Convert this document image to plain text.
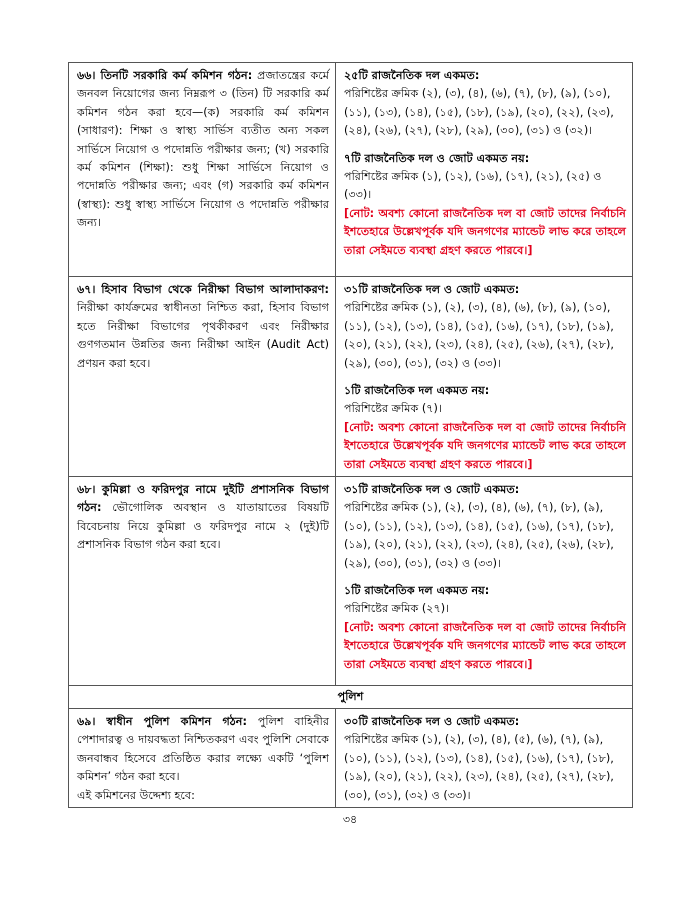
৬৬। তিনটি সরকারি কর্ম কমিশন গঠন: প্রজাতন্ত্রের কর্মে জনবল নিয়োগের জন্য নিম্নরূপ ৩ (তিন) টি সরকারি কর্ম কমিশন গঠন করা হবে—(ক) সরকারি কর্ম কমিশন (সাধারণ): শিক্ষা ও স্বাস্থ্য সার্ভিস ব্যতীত অন্য সকল সার্ভিসে নিয়োগ ও পদোন্নতি পরীক্ষার জন্য; (খ) সরকারি কর্ম কমিশন (শিক্ষা): শুধু শিক্ষা সার্ভিসে নিয়োগ ও পদোন্নতি পরীক্ষার জন্য; এবং (গ) সরকারি কর্ম কমিশন (স্বাস্থ্য): শুধু স্বাস্থ্য সার্ভিসে নিয়োগ ও পদোন্নতি পরীক্ষার জন্য।

২৫টি রাজনৈতিক দল একমত:

পরিশিষ্টের ক্রমিক (২), (৩), (৪), (৬), (৭), (৮), (৯), (১০), (১১), (১৩), (১৪), (১৫), (১৮), (১৯), (২০), (২২), (২৩), (২৪), (২৬), (২৭), (২৮), (২৯), (৩০), (৩১) ও (৩২)।

৭টি রাজনৈতিক দল ও জোট একমত নয়:

পরিশিষ্টের ক্রমিক (১), (১২), (১৬), (১৭), (২১), (২৫) ও (৩৩)।

[নোট: অবশ্য কোনো রাজনৈতিক দল বা জোট তাদের নির্বাচনি ইশতেহারে উল্লেখপূর্বক যদি জনগণের ম্যান্ডেট লাভ করে তাহলে তারা সেইমতে ব্যবস্থা গ্রহণ করতে পারবে।]

৬৭। হিসাব বিভাগ থেকে নিরীক্ষা বিভাগ আলাদাকরণ: নিরীক্ষা কার্যক্রমের স্বাধীনতা নিশ্চিত করা, হিসাব বিভাগ হতে নিরীক্ষা বিভাগের পৃথকীকরণ এবং নিরীক্ষার গুণগতমান উন্নতির জন্য নিরীক্ষা আইন (Audit Act) প্রণয়ন করা হবে।

৩১টি রাজনৈতিক দল ও জোট একমত:

পরিশিষ্টের ক্রমিক (১), (২), (৩), (৪), (৬), (৮), (৯), (১০), (১১), (১২), (১৩), (১৪), (১৫), (১৬), (১৭), (১৮), (১৯), (২০), (২১), (২২), (২৩), (২৪), (২৫), (২৬), (২৭), (২৮), (২৯), (৩০), (৩১), (৩২) ও (৩৩)।

১টি রাজনৈতিক দল একমত নয়:

পরিশিষ্টের ক্রমিক (৭)।

[নোট: অবশ্য কোনো রাজনৈতিক দল বা জোট তাদের নির্বাচনি ইশতেহারে উল্লেখপূর্বক যদি জনগণের ম্যান্ডেট লাভ করে তাহলে তারা সেইমতে ব্যবস্থা গ্রহণ করতে পারবে।]

৬৮। কুমিল্লা ও ফরিদপুর নামে দুইটি প্রশাসনিক বিভাগ গঠন: ভৌগোলিক অবস্থান ও যাতায়াতের বিষয়টি বিবেচনায় নিয়ে কুমিল্লা ও ফরিদপুর নামে ২ (দুই)টি প্রশাসনিক বিভাগ গঠন করা হবে।

৩১টি রাজনৈতিক দল ও জোট একমত:

পরিশিষ্টের ক্রমিক (১), (২), (৩), (৪), (৬), (৭), (৮), (৯), (১০), (১১), (১২), (১৩), (১৪), (১৫), (১৬), (১৭), (১৮), (১৯), (২০), (২১), (২২), (২৩), (২৪), (২৫), (২৬), (২৮), (২৯), (৩০), (৩১), (৩২) ও (৩৩)।

১টি রাজনৈতিক দল একমত নয়:

পরিশিষ্টের ক্রমিক (২৭)।

[নোট: অবশ্য কোনো রাজনৈতিক দল বা জোট তাদের নির্বাচনি ইশতেহারে উল্লেখপূর্বক যদি জনগণের ম্যান্ডেট লাভ করে তাহলে তারা সেইমতে ব্যবস্থা গ্রহণ করতে পারবে।]

পুলিশ

৬৯। স্বাধীন পুলিশ কমিশন গঠন: পুলিশ বাহিনীর পেশাদারত্ব ও দায়বদ্ধতা নিশ্চিতকরণ এবং পুলিশি সেবাকে জনবান্ধব হিসেবে প্রতিষ্ঠিত করার লক্ষ্যে একটি ‘পুলিশ কমিশন’ গঠন করা হবে।

এই কমিশনের উদ্দেশ্য হবে:

৩০টি রাজনৈতিক দল ও জোট একমত:

পরিশিষ্টের ক্রমিক (১), (২), (৩), (৪), (৫), (৬), (৭), (৯), (১০), (১১), (১২), (১৩), (১৪), (১৫), (১৬), (১৭), (১৮), (১৯), (২০), (২১), (২২), (২৩), (২৪), (২৫), (২৭), (২৮), (৩০), (৩১), (৩২) ও (৩৩)।

৩৪
